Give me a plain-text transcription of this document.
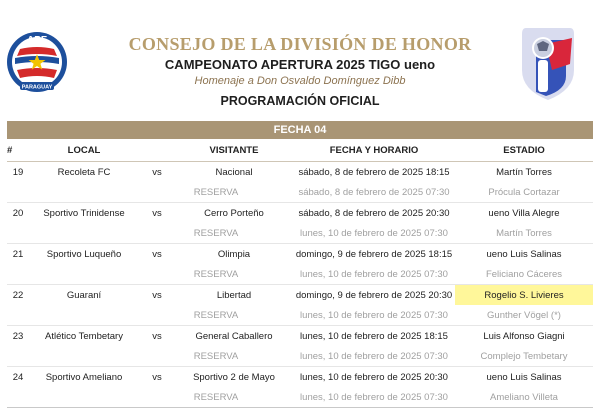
APF
PARAGUAY
CONSEJO DE LA DIVISIÓN DE HONOR
CAMPEONATO APERTURA 2025 TIGO ueno
Homenaje a Don Osvaldo Domínguez Dibb
PROGRAMACIÓN OFICIAL
FECHA 04
#	LOCAL		VISITANTE	FECHA Y HORARIO	ESTADIO
19	Recoleta FC	vs	Nacional	sábado, 8 de febrero de 2025 18:15	Martín Torres
		RESERVA		sábado, 8 de febrero de 2025 07:30	Prócula Cortazar
20	Sportivo Trinidense	vs	Cerro Porteño	sábado, 8 de febrero de 2025 20:30	ueno Villa Alegre
		RESERVA		lunes, 10 de febrero de 2025 07:30	Martín Torres
21	Sportivo Luqueño	vs	Olimpia	domingo, 9 de febrero de 2025 18:15	ueno Luis Salinas
		RESERVA		lunes, 10 de febrero de 2025 07:30	Feliciano Cáceres
22	Guaraní	vs	Libertad	domingo, 9 de febrero de 2025 20:30	Rogelio S. Livieres
		RESERVA		lunes, 10 de febrero de 2025 07:30	Gunther Vögel (*)
23	Atlético Tembetary	vs	General Caballero	lunes, 10 de febrero de 2025 18:15	Luis Alfonso Giagni
		RESERVA		lunes, 10 de febrero de 2025 07:30	Complejo Tembetary
24	Sportivo Ameliano	vs	Sportivo 2 de Mayo	lunes, 10 de febrero de 2025 20:30	ueno Luis Salinas
		RESERVA		lunes, 10 de febrero de 2025 07:30	Ameliano Villeta
